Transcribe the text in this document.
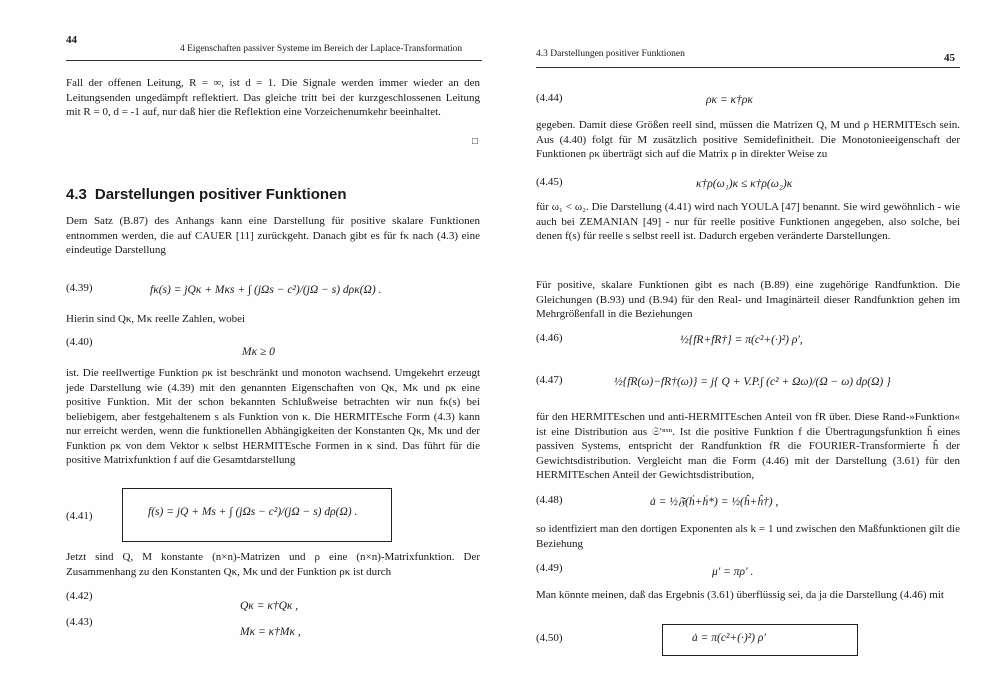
44
4 Eigenschaften passiver Systeme im Bereich der Laplace-Transformation

Fall der offenen Leitung, R = ∞, ist d = 1. Die Signale werden immer wieder an den Leitungsenden ungedämpft reflektiert. Das gleiche tritt bei der kurzgeschlossenen Leitung mit R = 0, d = -1 auf, nur daß hier die Reflektion eine Vorzeichenumkehr beeinhaltet.

□
4.3 Darstellungen positiver Funktionen

Dem Satz (B.87) des Anhangs kann eine Darstellung für positive skalare Funktionen entnommen werden, die auf CAUER [11] zurückgeht. Danach gibt es für fκ nach (4.3) eine eindeutige Darstellung

(4.39)	fκ(s) = jQκ + Mκs + ∫ (jΩs − c²)/(jΩ − s) dρκ(Ω) .

Hierin sind Qκ, Mκ reelle Zahlen, wobei

(4.40)
Mκ ≥ 0

ist. Die reellwertige Funktion ρκ ist beschränkt und monoton wachsend. Umgekehrt erzeugt jede Darstellung wie (4.39) mit den genannten Eigenschaften von Qκ, Mκ und ρκ eine positive Funktion. Mit der schon bekannten Schlußweise betrachten wir nun fκ(s) bei beliebigem, aber festgehaltenem s als Funktion von κ. Die HERMITEsche Form (4.3) kann nur erreicht werden, wenn die funktionellen Abhängigkeiten der Konstanten Qκ, Mκ und der Funktion ρκ von dem Vektor κ selbst HERMITEsche Formen in κ sind. Das führt für die positive Matrixfunktion f auf die Gesamtdarstellung

(4.41)	f(s) = jQ + Ms + ∫ (jΩs − c²)/(jΩ − s) dρ(Ω) .

Jetzt sind Q, M konstante (n×n)-Matrizen und ρ eine (n×n)-Matrixfunktion. Der Zusammenhang zu den Konstanten Qκ, Mκ und der Funktion ρκ ist durch

(4.42)
Qκ = κ†Qκ ,
(4.43)
Mκ = κ†Mκ ,
4.3 Darstellungen positiver Funktionen	45
(4.44)	ρκ = κ†ρκ

gegeben. Damit diese Größen reell sind, müssen die Matrizen Q, M und ρ HERMITEsch sein. Aus (4.40) folgt für M zusätzlich positive Semidefinitheit. Die Monotonieeigenschaft der Funktionen ρκ überträgt sich auf die Matrix ρ in direkter Weise zu

(4.45)	κ†ρ(ω₁)κ ≤ κ†ρ(ω₂)κ

für ω₁ < ω₂. Die Darstellung (4.41) wird nach YOULA [47] benannt. Sie wird gewöhnlich - wie auch bei ZEMANIAN [49] - nur für reelle positive Funktionen angegeben, also solche, bei denen f(s) für reelle s selbst reell ist. Dadurch ergeben veränderte Darstellungen.

Für positive, skalare Funktionen gibt es nach (B.89) eine zugehörige Randfunktion. Die Gleichungen (B.93) und (B.94) für den Real- und Imaginärteil dieser Randfunktion gehen im Mehrgrößenfall in die Beziehungen

(4.46)	½{fR+fR†} = π(c²+(·)²) ρ′,
(4.47)	½{fR(ω)−fR†(ω)} = j{ Q + V.P.∫ (c² + Ωω)/(Ω − ω) dρ(Ω) }

für den HERMITEschen und anti-HERMITEschen Anteil von fR über. Diese Rand-»Funktion« ist eine Distribution aus 𝔖′ⁿˣⁿ. Ist die positive Funktion f die Übertragungsfunktion ĥ eines passiven Systems, entspricht der Randfunktion fR die FOURIER-Transformierte ĥ der Gewichtsdistribution. Vergleicht man die Form (4.46) mit der Darstellung (3.61) für den HERMITEschen Anteil der Gewichtsdistribution,

(4.48)	ȧ = ½𝔉(ḣ+ḣ*) = ½(ĥ+ĥ†) ,

so identfiziert man den dortigen Exponenten als k = 1 und zwischen den Maßfunktionen gilt die Beziehung

(4.49)	μ′ = πρ′ .

Man könnte meinen, daß das Ergebnis (3.61) überflüssig sei, da ja die Darstellung (4.46) mit

(4.50)	ȧ = π(c²+(·)²) ρ′
